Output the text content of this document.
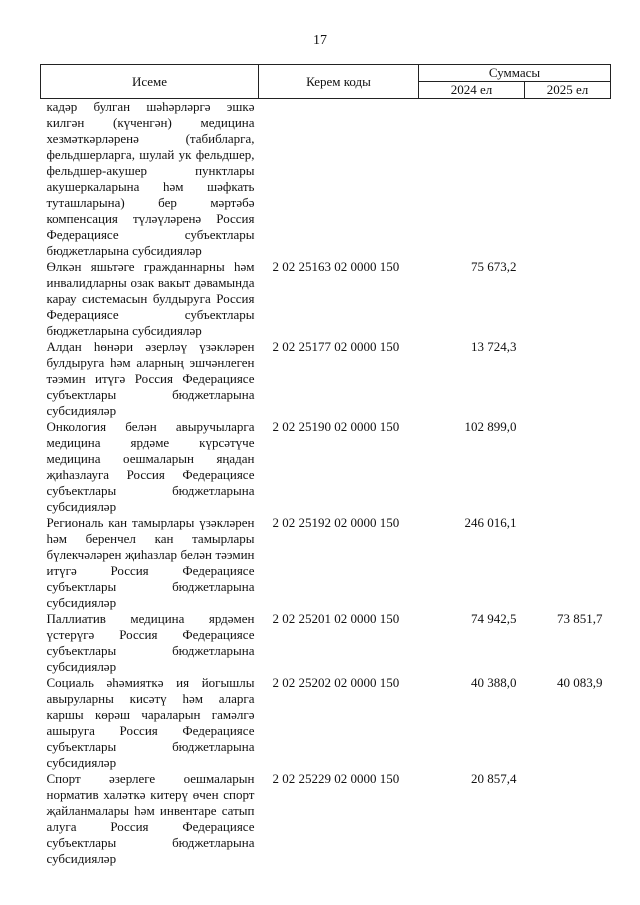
17
Исеме	Керем коды	Суммасы	
		2024 ел	2025 ел
кадәр булган шәһәрләргә эшкә килгән (күченгән) медицина хезмәткәрләренә (табибларга, фельдшерларга, шулай ук фельдшер, фельдшер-акушер пунктлары акушеркаларына һәм шәфкать туташларына) бер мәртәбә компенсация түләүләренә Россия Федерациясе субъектлары бюджетларына субсидияләр			
Өлкән яшьтәге гражданнарны һәм инвалидларны озак вакыт дәвамында карау системасын булдыруга Россия Федерациясе субъектлары бюджетларына субсидияләр	2 02 25163 02 0000 150	75 673,2	
Алдан һөнәри әзерләү үзәкләрен булдыруга һәм аларның эшчәнлеген тәэмин итүгә Россия Федерациясе субъектлары бюджетларына субсидияләр	2 02 25177 02 0000 150	13 724,3	
Онкология белән авыручыларга медицина ярдәме күрсәтүче медицина оешмаларын яңадан җиһазлауга Россия Федерациясе субъектлары бюджетларына субсидияләр	2 02 25190 02 0000 150	102 899,0	
Региональ кан тамырлары үзәкләрен һәм беренчел кан тамырлары бүлекчәләрен җиһазлар белән тәэмин итүгә Россия Федерациясе субъектлары бюджетларына субсидияләр	2 02 25192 02 0000 150	246 016,1	
Паллиатив медицина ярдәмен үстерүгә Россия Федерациясе субъектлары бюджетларына субсидияләр	2 02 25201 02 0000 150	74 942,5	73 851,7
Социаль әһәмияткә ия йогышлы авыруларны кисәтү һәм аларга каршы көрәш чараларын гамәлгә ашыруга Россия Федерациясе субъектлары бюджетларына субсидияләр	2 02 25202 02 0000 150	40 388,0	40 083,9
Спорт әзерлеге оешмаларын норматив халәткә китерү өчен спорт җайланмалары һәм инвентаре сатып алуга Россия Федерациясе субъектлары бюджетларына субсидияләр	2 02 25229 02 0000 150	20 857,4	
